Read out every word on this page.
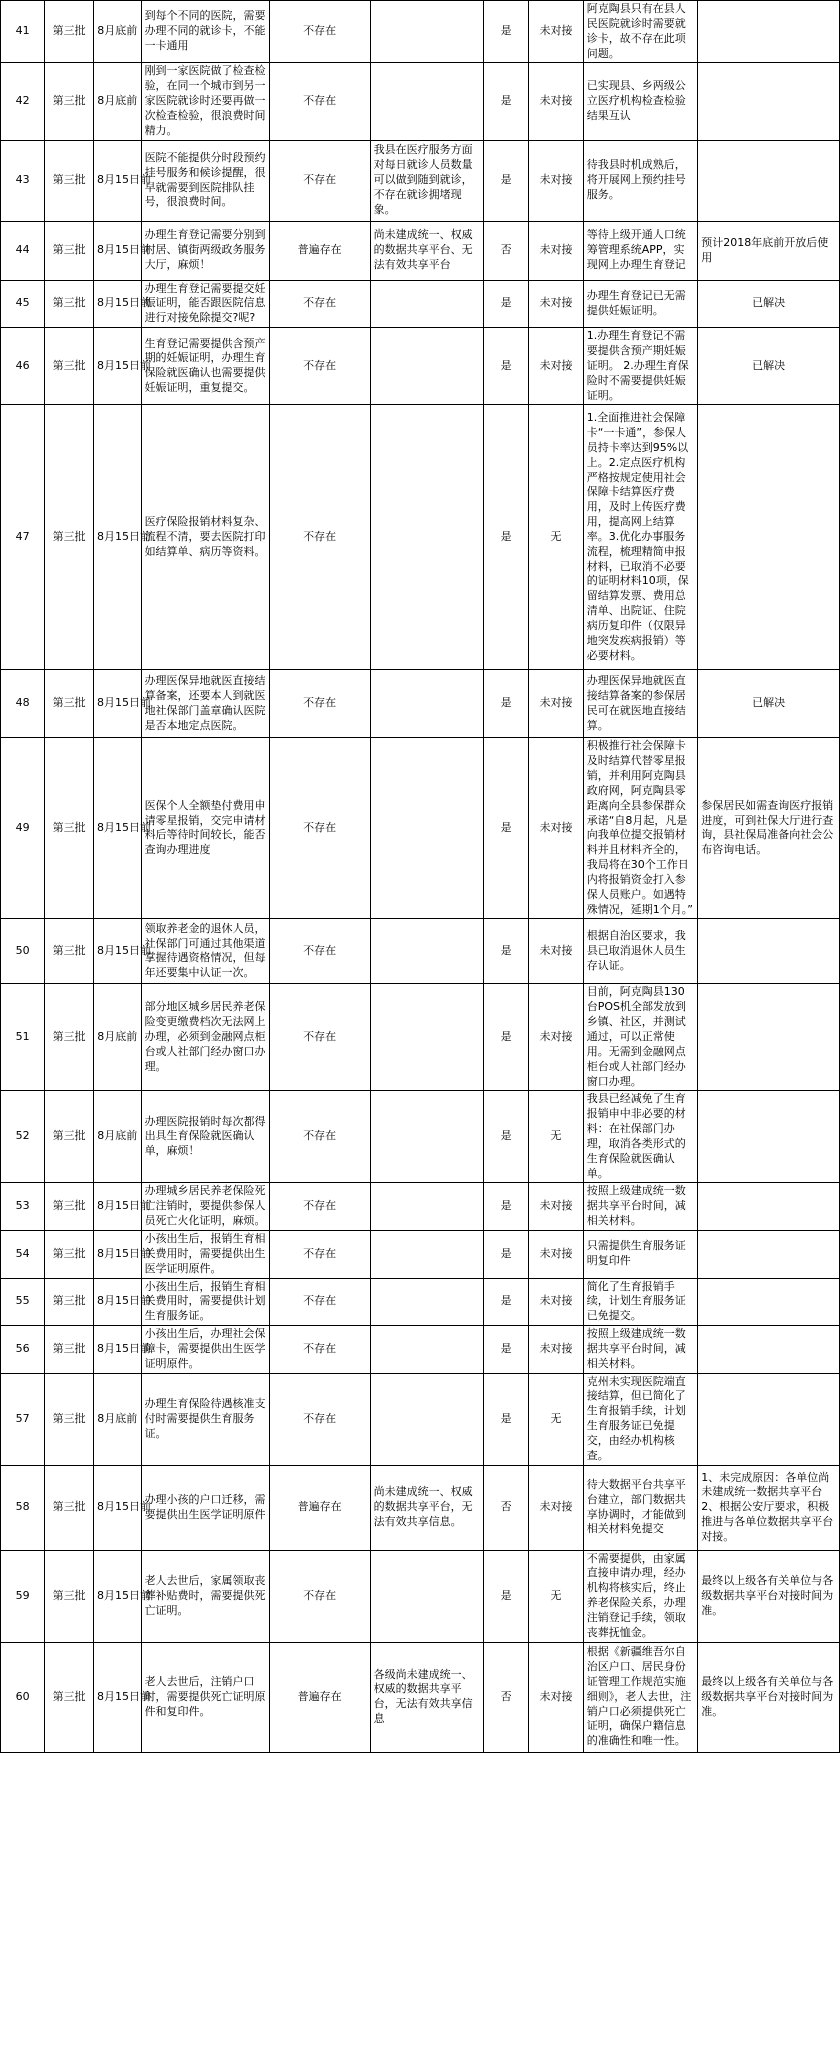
41	第三批	8月底前	到每个不同的医院，需要办理不同的就诊卡，不能一卡通用	不存在		是	未对接	阿克陶县只有在县人民医院就诊时需要就诊卡，故不存在此项问题。	
42	第三批	8月底前	刚到一家医院做了检查检验，在同一个城市到另一家医院就诊时还要再做一次检查检验，很浪费时间精力。	不存在		是	未对接	已实现县、乡两级公立医疗机构检查检验结果互认	
43	第三批	8月15日前	医院不能提供分时段预约挂号服务和候诊提醒，很早就需要到医院排队挂号，很浪费时间。	不存在	我县在医疗服务方面对每日就诊人员数量可以做到随到就诊，不存在就诊拥堵现象。	是	未对接	待我县时机成熟后，将开展网上预约挂号服务。	
44	第三批	8月15日前	办理生育登记需要分别到村居、镇街两级政务服务大厅，麻烦！	普遍存在	尚未建成统一、权威的数据共享平台、无法有效共享平台	否	未对接	等待上级开通人口统筹管理系统APP，实现网上办理生育登记	预计2018年底前开放后使用
45	第三批	8月15日前	办理生育登记需要提交妊娠证明，能否跟医院信息进行对接免除提交?呢?	不存在		是	未对接	办理生育登记已无需提供妊娠证明。	已解决
46	第三批	8月15日前	生育登记需要提供含预产期的妊娠证明，办理生育保险就医确认也需要提供妊娠证明，重复提交。	不存在		是	未对接	1.办理生育登记不需要提供含预产期妊娠证明。 2.办理生育保险时不需要提供妊娠证明。	已解决
47	第三批	8月15日前	医疗保险报销材料复杂、流程不清，要去医院打印如结算单、病历等资料。	不存在		是	无	1.全面推进社会保障卡“一卡通”，参保人员持卡率达到95%以上。2.定点医疗机构严格按规定使用社会保障卡结算医疗费用，及时上传医疗费用，提高网上结算率。3.优化办事服务流程，梳理精简申报材料，已取消不必要的证明材料10项，保留结算发票、费用总清单、出院证、住院病历复印件（仅限异地突发疾病报销）等必要材料。	
48	第三批	8月15日前	办理医保异地就医直接结算备案，还要本人到就医地社保部门盖章确认医院是否本地定点医院。	不存在		是	未对接	办理医保异地就医直接结算备案的参保居民可在就医地直接结算。	已解决
49	第三批	8月15日前	医保个人全额垫付费用申请零星报销，交完申请材料后等待时间较长，能否查询办理进度	不存在		是	未对接	积极推行社会保障卡及时结算代替零星报销，并利用阿克陶县政府网，阿克陶县零距离向全县参保群众承诺“自8月起，凡是向我单位提交报销材料并且材料齐全的，我局将在30个工作日内将报销资金打入参保人员账户。如遇特殊情况，延期1个月。”	参保居民如需查询医疗报销进度，可到社保大厅进行查询，县社保局准备向社会公布咨询电话。
50	第三批	8月15日前	领取养老金的退休人员，社保部门可通过其他渠道掌握待遇资格情况，但每年还要集中认证一次。	不存在		是	未对接	根据自治区要求，我县已取消退休人员生存认证。	
51	第三批	8月底前	部分地区城乡居民养老保险变更缴费档次无法网上办理，必须到金融网点柜台或人社部门经办窗口办理。	不存在		是	未对接	目前，阿克陶县130台POS机全部发放到乡镇、社区，并测试通过，可以正常使用。无需到金融网点柜台或人社部门经办窗口办理。	
52	第三批	8月底前	办理医院报销时每次都得出具生育保险就医确认单，麻烦！	不存在		是	无	我县已经减免了生育报销申中非必要的材料：在社保部门办理，取消各类形式的生育保险就医确认单。	
53	第三批	8月15日前	办理城乡居民养老保险死亡注销时，要提供参保人员死亡火化证明，麻烦。	不存在		是	未对接	按照上级建成统一数据共享平台时间，减相关材料。	
54	第三批	8月15日前	小孩出生后，报销生育相关费用时，需要提供出生医学证明原件。	不存在		是	未对接	只需提供生育服务证明复印件	
55	第三批	8月15日前	小孩出生后，报销生育相关费用时，需要提供计划生育服务证。	不存在		是	未对接	简化了生育报销手续，计划生育服务证已免提交。	
56	第三批	8月15日前	小孩出生后，办理社会保障卡，需要提供出生医学证明原件。	不存在		是	未对接	按照上级建成统一数据共享平台时间，减相关材料。	
57	第三批	8月底前	办理生育保险待遇核准支付时需要提供生育服务证。	不存在		是	无	克州未实现医院端直接结算，但已简化了生育报销手续，计划生育服务证已免提交，由经办机构核查。	
58	第三批	8月15日前	办理小孩的户口迁移，需要提供出生医学证明原件	普遍存在	尚未建成统一、权威的数据共享平台，无法有效共享信息。	否	未对接	待大数据平台共享平台建立，部门数据共享协调时，才能做到相关材料免提交	1、未完成原因：各单位尚未建成统一数据共享平台2、根据公安厅要求，积极推进与各单位数据共享平台对接。
59	第三批	8月15日前	老人去世后，家属领取丧葬补贴费时，需要提供死亡证明。	不存在		是	无	不需要提供，由家属直接申请办理，经办机构将核实后，终止养老保险关系，办理注销登记手续，领取丧葬抚恤金。	最终以上级各有关单位与各级数据共享平台对接时间为准。
60	第三批	8月15日前	老人去世后，注销户口时，需要提供死亡证明原件和复印件。	普遍存在	各级尚未建成统一、权威的数据共享平台，无法有效共享信息	否	未对接	根据《新疆维吾尔自治区户口、居民身份证管理工作规范实施细则》，老人去世，注销户口必须提供死亡证明，确保户籍信息的准确性和唯一性。	最终以上级各有关单位与各级数据共享平台对接时间为准。
